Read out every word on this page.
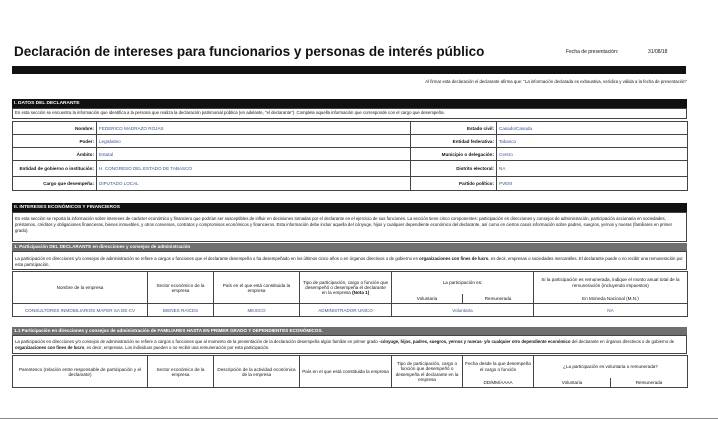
Declaración de intereses para funcionarios y personas de interés público	Fecha de presentación:	31/08/18
Al firmar esta declaración el declarante afirma que: "La información declarada es exhaustiva, verídica y válida a la fecha de presentación"
I. DATOS DEL DECLARANTE
En esta sección se encuentra la información que identifica a la persona que realiza la declaración patrimonial pública (en adelante, "el declarante"). Complete aquella información que corresponde con el cargo que desempeña.
Nombre:	FEDERICO MADRAZO ROJAS	Estado civil:	Casado/Casada
Poder:	Legislativo	Entidad federativa:	Tabasco
Ámbito:	Estatal	Municipio o delegación:	Centro
Entidad de gobierno o institución:	H. CONGRESO DEL ESTADO DE TABASCO	Distrito electoral:	NA
Cargo que desempeña:	DIPUTADO LOCAL	Partido político:	PVEM
II. INTERESES ECONÓMICOS Y FINANCIEROS
En esta sección se reporta la información sobre intereses de carácter económico y financiero que podrían ser susceptibles de influir en decisiones tomadas por el declarante en el ejercicio de sus funciones. La sección tiene cinco componentes: participación en direcciones y consejos de administración, participación accionaria en sociedades, préstamos, créditos y obligaciones financieras, bienes inmuebles, y otros convenios, contratos y compromisos económicos y financieros. Esta información debe incluir aquella del cónyuge, hijos y cualquier dependiente económico del declarante, así como en ciertos casos información sobre padres, suegros, yernos y nueras (familiares en primer grado).
1. Participación DEL DECLARANTE en direcciones y consejos de administración
La participación en direcciones y/o consejos de administración se refiere a cargos o funciones que el declarante desempeña o ha desempeñado en los últimos cinco años o en órganos directivos o de gobierno en organizaciones con fines de lucro, es decir, empresas o sociedades mercantiles. El declarante puede o no recibir una remuneración por esta participación.
Nombre de la empresa	Sector económico de la empresa	País en el que está constituida la empresa	Tipo de participación, cargo o función que desempeñó o desempeña el declarante en la empresa (Nota 1)	La participación es:		Si la participación es remunerada, indique el monto anual total de la remuneración (incluyendo impuestos)
				Voluntaria	Remunerada	En Moneda Nacional (M.N.)
CONSULTORES INMOBILIARIOS MAFER SA DE CV	BIENES RAICES	MEXICO	ADMINISTRADOR UNICO	Voluntaria		NA
1.1 Participación en direcciones y consejos de administración de FAMILIARES HASTA EN PRIMER GRADO Y DEPENDIENTES ECONÓMICOS.
La participación en direcciones y/o consejos de administración se refiere a cargos o funciones que al momento de la presentación de la declaración desempeña algún familiar en primer grado -cónyuge, hijos, padres, suegros, yernos y nueras- y/o cualquier otro dependiente económico del declarante en órganos directivos o de gobierno de organizaciones con fines de lucro, es decir, empresas. Los individuos pueden o no recibir una remuneración por esta participación.
Parentesco (relación entre responsable de participación y el declarante)	Sector económico de la empresa	Descripción de la actividad económica de la empresa	País en el que está constituida la empresa	Tipo de participación, cargo o función que desempeñó o desempeña el declarante en la empresa	Fecha desde la que desempeña el cargo o función	¿La participación es voluntaria o remunerada?	
					DD/MM/AAAA	Voluntaria	Remunerada
